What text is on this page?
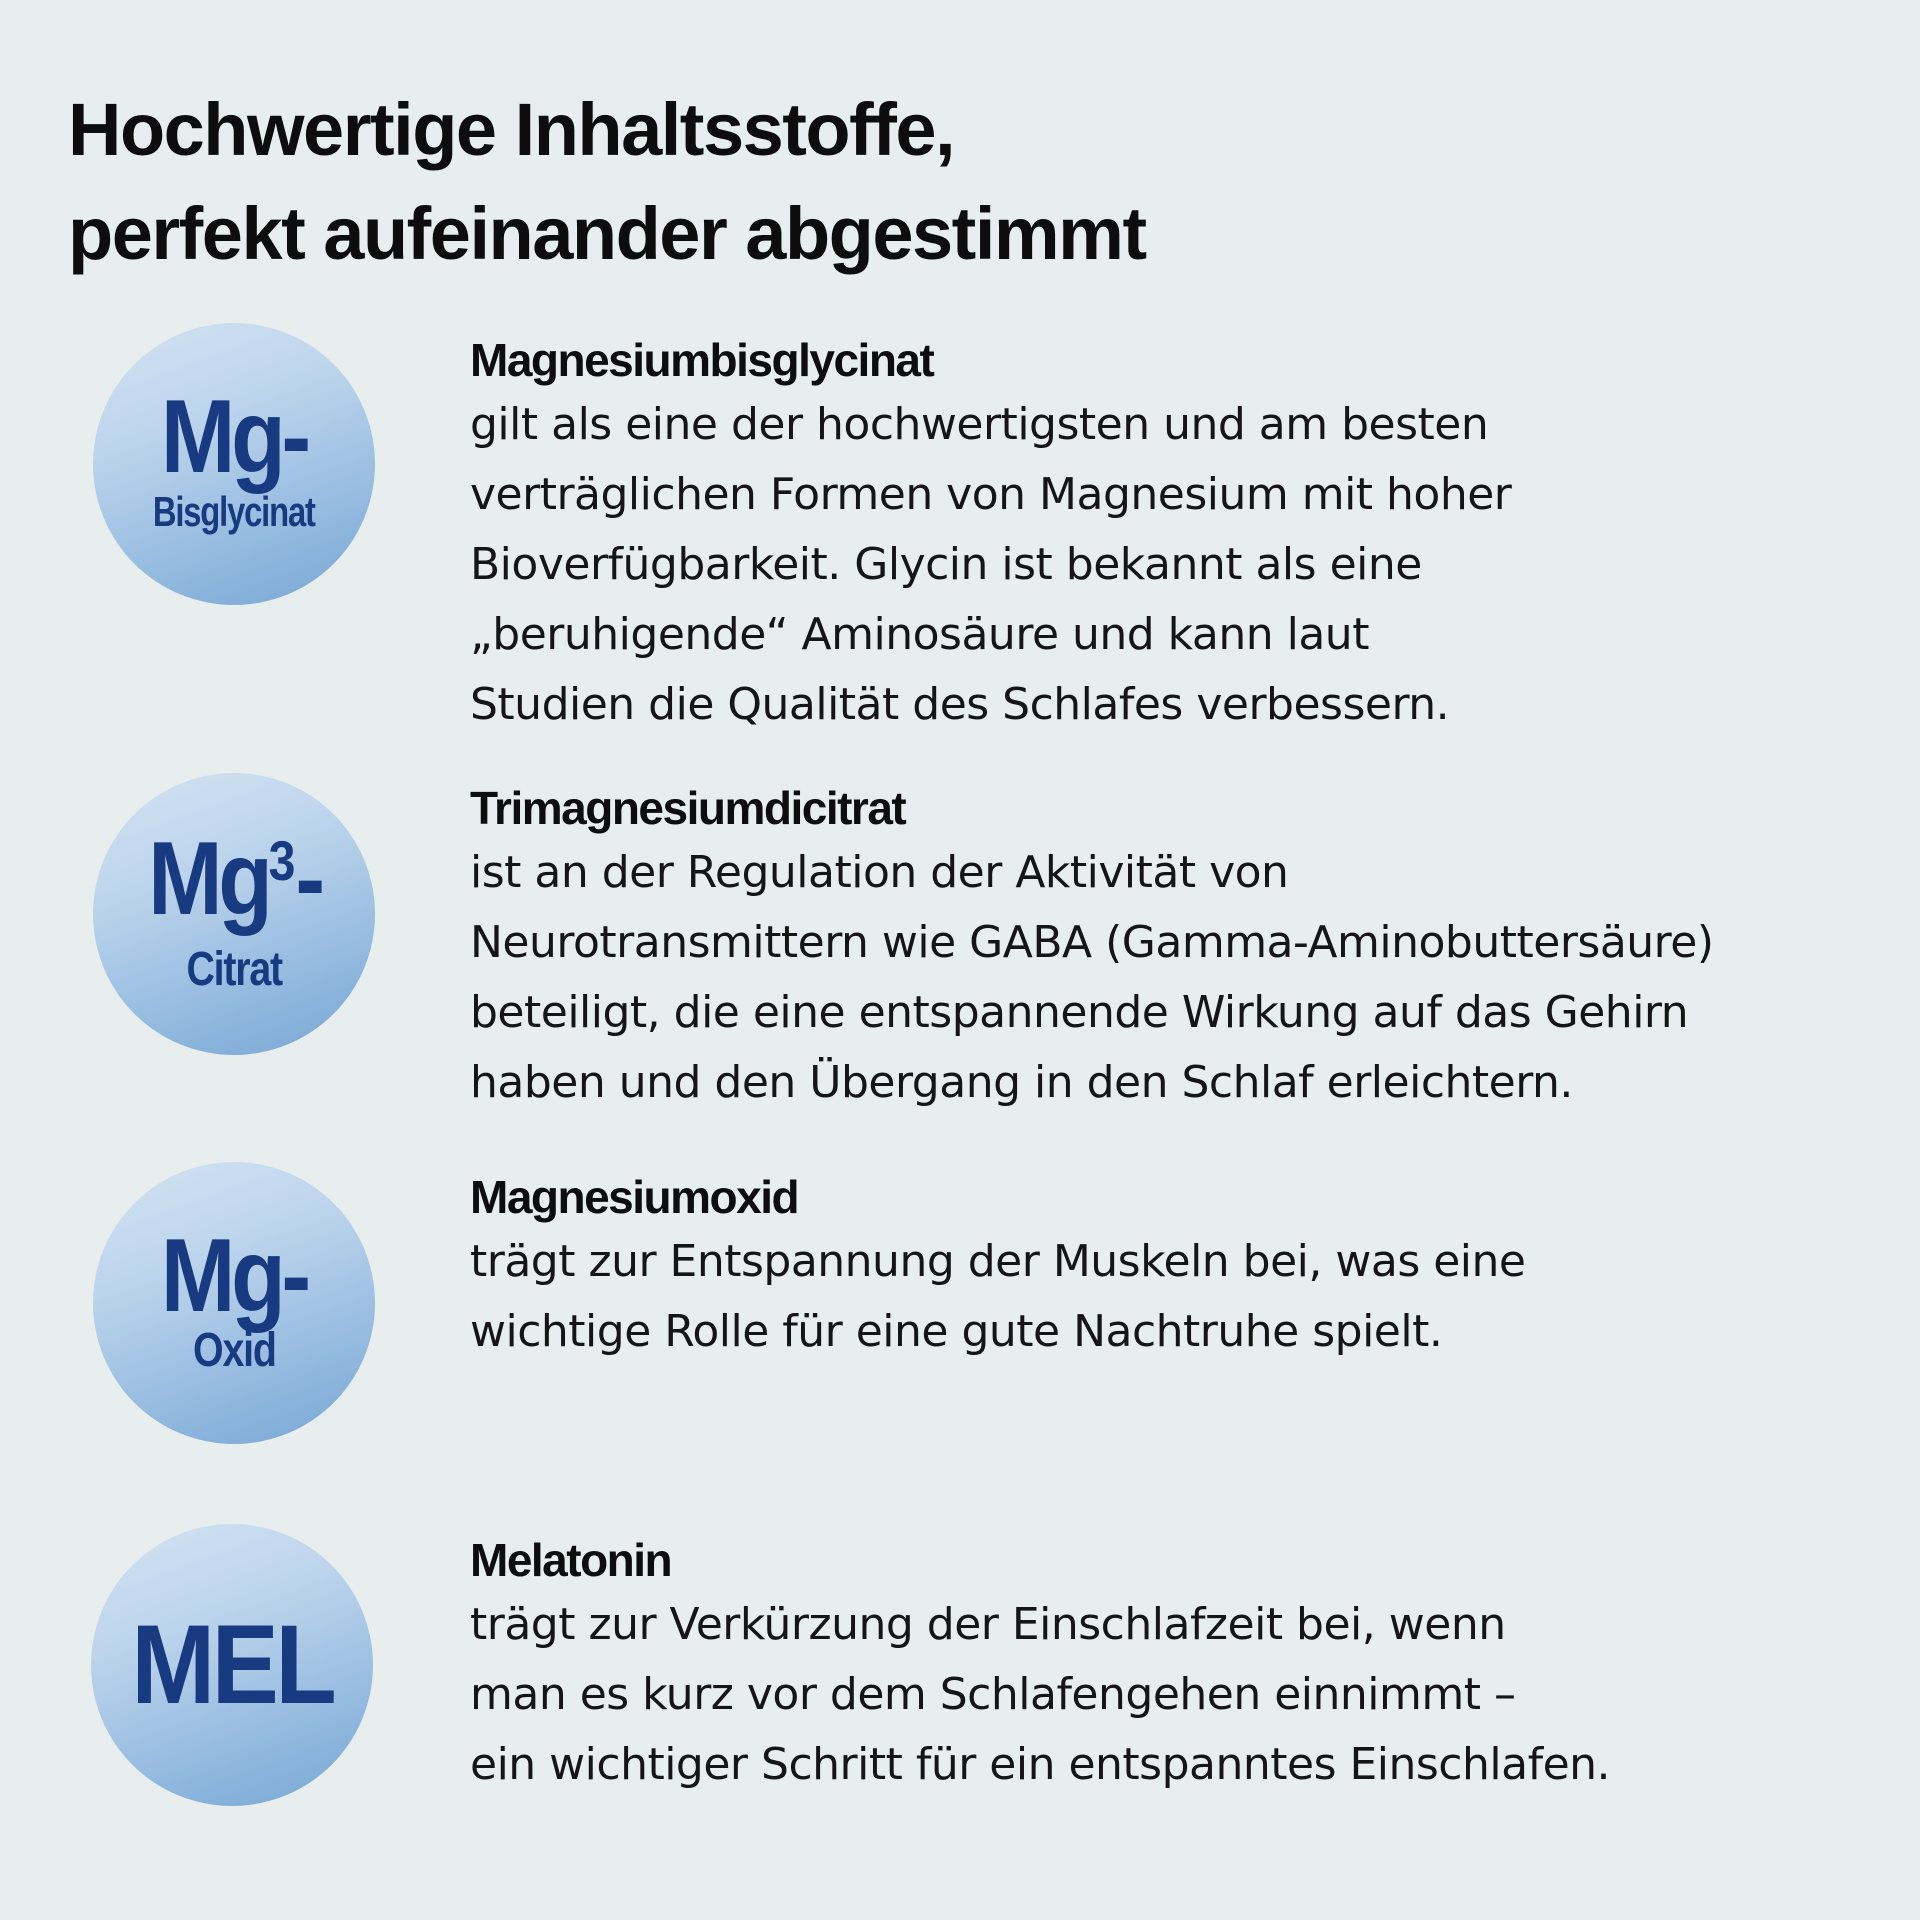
Hochwertige Inhaltsstoffe,
perfekt aufeinander abgestimmt
Mg-
Bisglycinat
Magnesiumbisglycinat
gilt als eine der hochwertigsten und am besten
verträglichen Formen von Magnesium mit hoher
Bioverfügbarkeit. Glycin ist bekannt als eine
„beruhigende“ Aminosäure und kann laut
Studien die Qualität des Schlafes verbessern.
Mg$^3$-
Citrat
Trimagnesiumdicitrat
ist an der Regulation der Aktivität von
Neurotransmittern wie GABA (Gamma-Aminobuttersäure)
beteiligt, die eine entspannende Wirkung auf das Gehirn
haben und den Übergang in den Schlaf erleichtern.
Mg-
Oxid
Magnesiumoxid
trägt zur Entspannung der Muskeln bei, was eine
wichtige Rolle für eine gute Nachtruhe spielt.
MEL
Melatonin
trägt zur Verkürzung der Einschlafzeit bei, wenn
man es kurz vor dem Schlafengehen einnimmt –
ein wichtiger Schritt für ein entspanntes Einschlafen.
